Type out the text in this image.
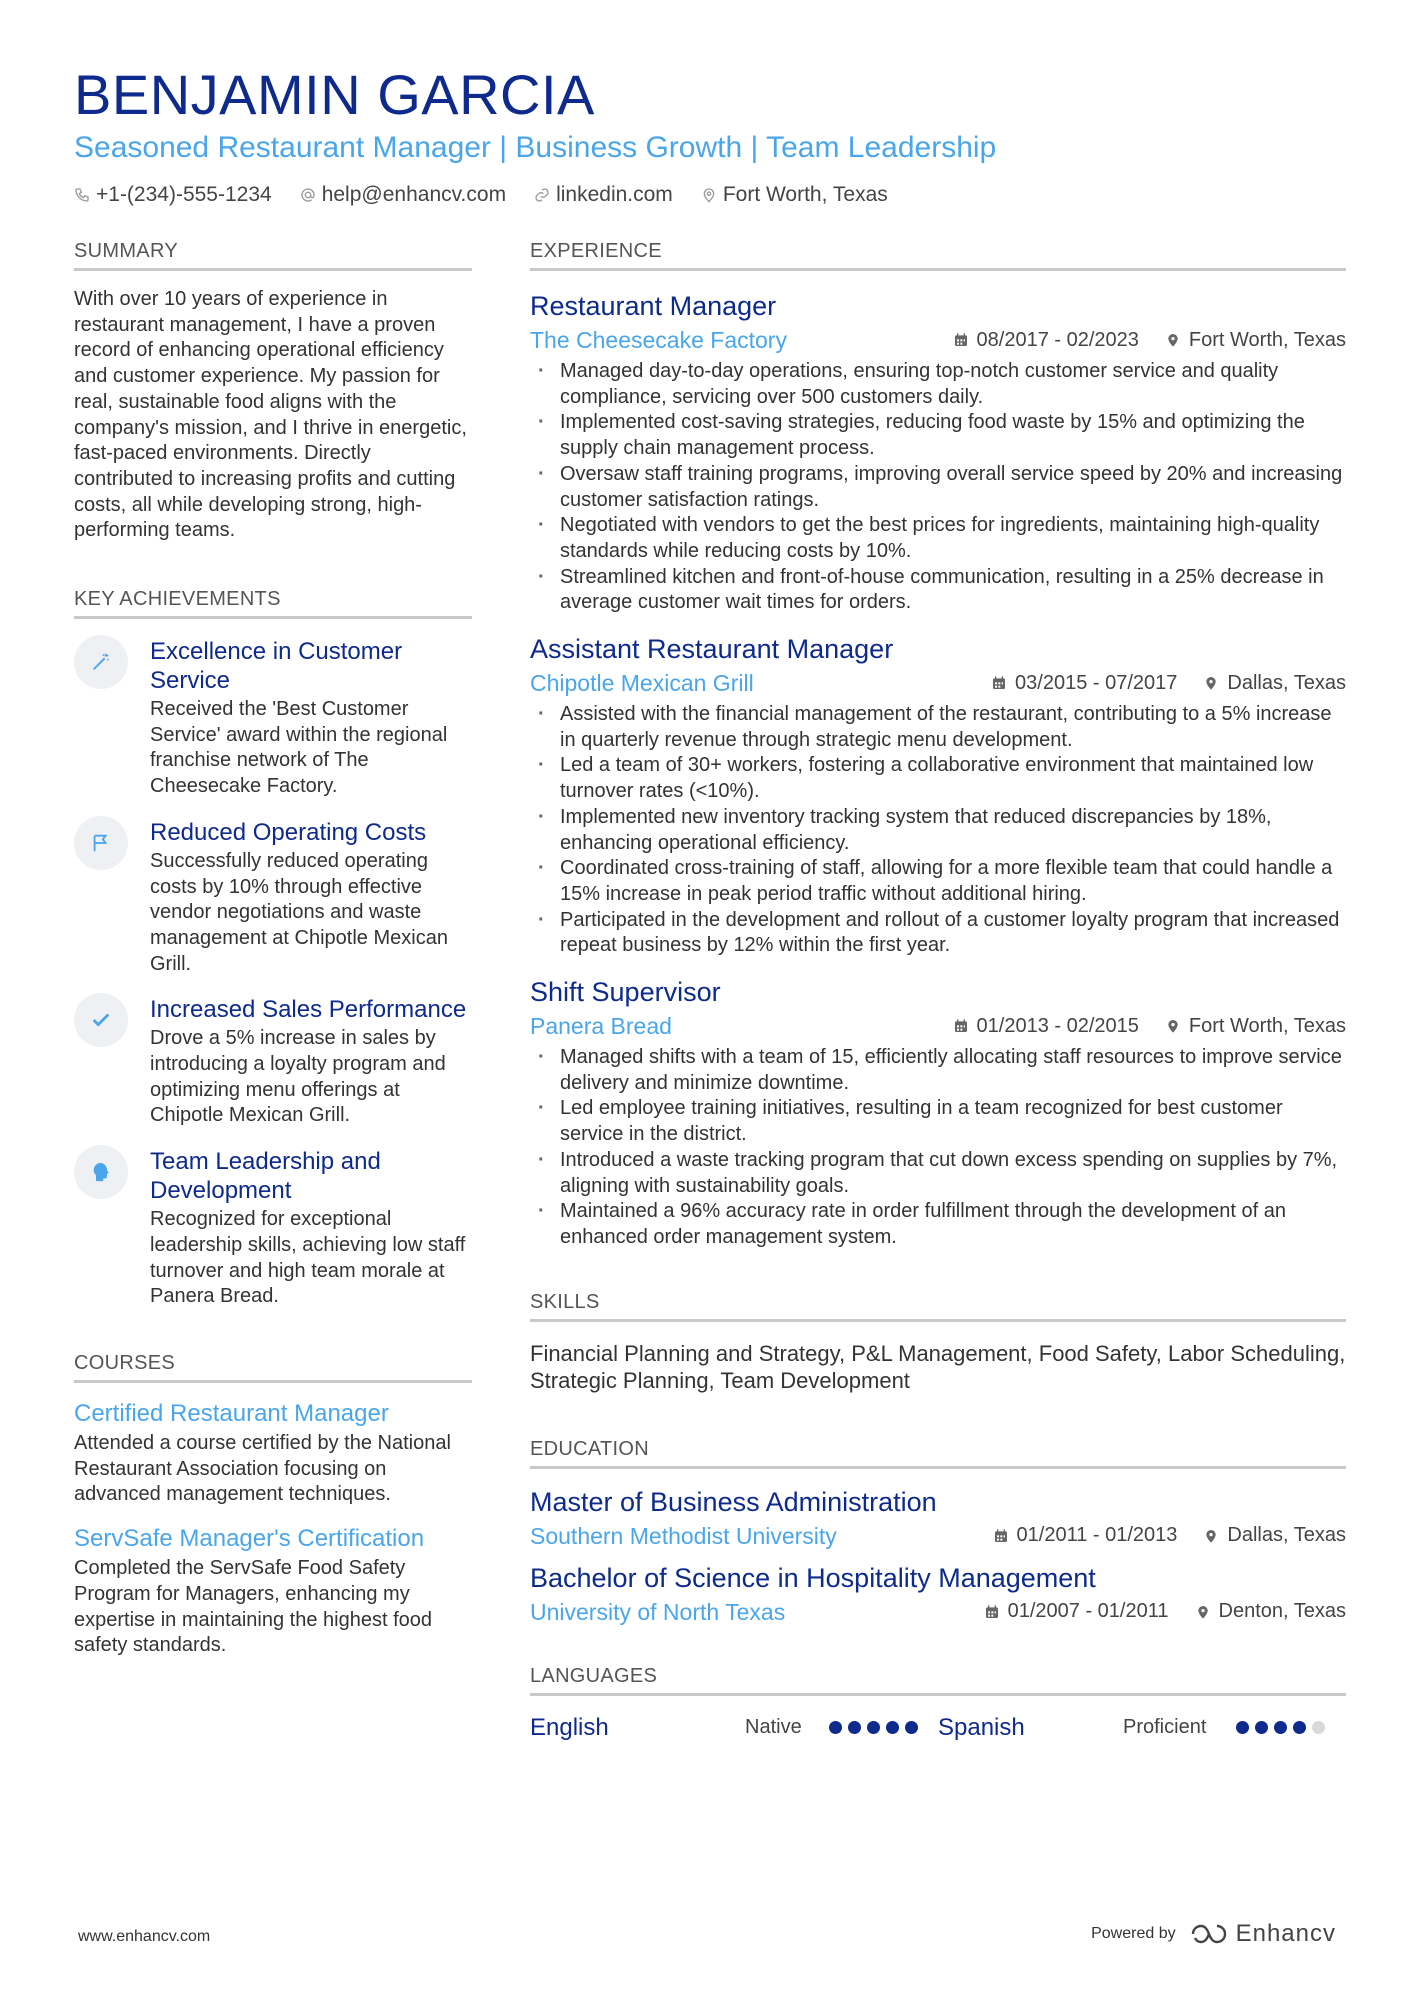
BENJAMIN GARCIA
Seasoned Restaurant Manager | Business Growth | Team Leadership
+1-(234)-555-1234 help@enhancv.com linkedin.com Fort Worth, Texas
SUMMARY
With over 10 years of experience in restaurant management, I have a proven record of enhancing operational efficiency and customer experience. My passion for real, sustainable food aligns with the company's mission, and I thrive in energetic, fast-paced environments. Directly contributed to increasing profits and cutting costs, all while developing strong, high-performing teams.
KEY ACHIEVEMENTS
Excellence in Customer Service
Received the 'Best Customer Service' award within the regional franchise network of The Cheesecake Factory.
Reduced Operating Costs
Successfully reduced operating costs by 10% through effective vendor negotiations and waste management at Chipotle Mexican Grill.
Increased Sales Performance
Drove a 5% increase in sales by introducing a loyalty program and optimizing menu offerings at Chipotle Mexican Grill.
Team Leadership and Development
Recognized for exceptional leadership skills, achieving low staff turnover and high team morale at Panera Bread.
COURSES
Certified Restaurant Manager
Attended a course certified by the National Restaurant Association focusing on advanced management techniques.
ServSafe Manager's Certification
Completed the ServSafe Food Safety Program for Managers, enhancing my expertise in maintaining the highest food safety standards.
EXPERIENCE
Restaurant Manager
The Cheesecake Factory	08/2017 - 02/2023	Fort Worth, Texas
· Managed day-to-day operations, ensuring top-notch customer service and quality compliance, servicing over 500 customers daily.
· Implemented cost-saving strategies, reducing food waste by 15% and optimizing the supply chain management process.
· Oversaw staff training programs, improving overall service speed by 20% and increasing customer satisfaction ratings.
· Negotiated with vendors to get the best prices for ingredients, maintaining high-quality standards while reducing costs by 10%.
· Streamlined kitchen and front-of-house communication, resulting in a 25% decrease in average customer wait times for orders.
Assistant Restaurant Manager
Chipotle Mexican Grill	03/2015 - 07/2017	Dallas, Texas
· Assisted with the financial management of the restaurant, contributing to a 5% increase in quarterly revenue through strategic menu development.
· Led a team of 30+ workers, fostering a collaborative environment that maintained low turnover rates (<10%).
· Implemented new inventory tracking system that reduced discrepancies by 18%, enhancing operational efficiency.
· Coordinated cross-training of staff, allowing for a more flexible team that could handle a 15% increase in peak period traffic without additional hiring.
· Participated in the development and rollout of a customer loyalty program that increased repeat business by 12% within the first year.
Shift Supervisor
Panera Bread	01/2013 - 02/2015	Fort Worth, Texas
· Managed shifts with a team of 15, efficiently allocating staff resources to improve service delivery and minimize downtime.
· Led employee training initiatives, resulting in a team recognized for best customer service in the district.
· Introduced a waste tracking program that cut down excess spending on supplies by 7%, aligning with sustainability goals.
· Maintained a 96% accuracy rate in order fulfillment through the development of an enhanced order management system.
SKILLS
Financial Planning and Strategy, P&L Management, Food Safety, Labor Scheduling, Strategic Planning, Team Development
EDUCATION
Master of Business Administration
Southern Methodist University	01/2011 - 01/2013	Dallas, Texas
Bachelor of Science in Hospitality Management
University of North Texas	01/2007 - 01/2011	Denton, Texas
LANGUAGES
English	Native	Spanish	Proficient
www.enhancv.com	Powered by	Enhancv
